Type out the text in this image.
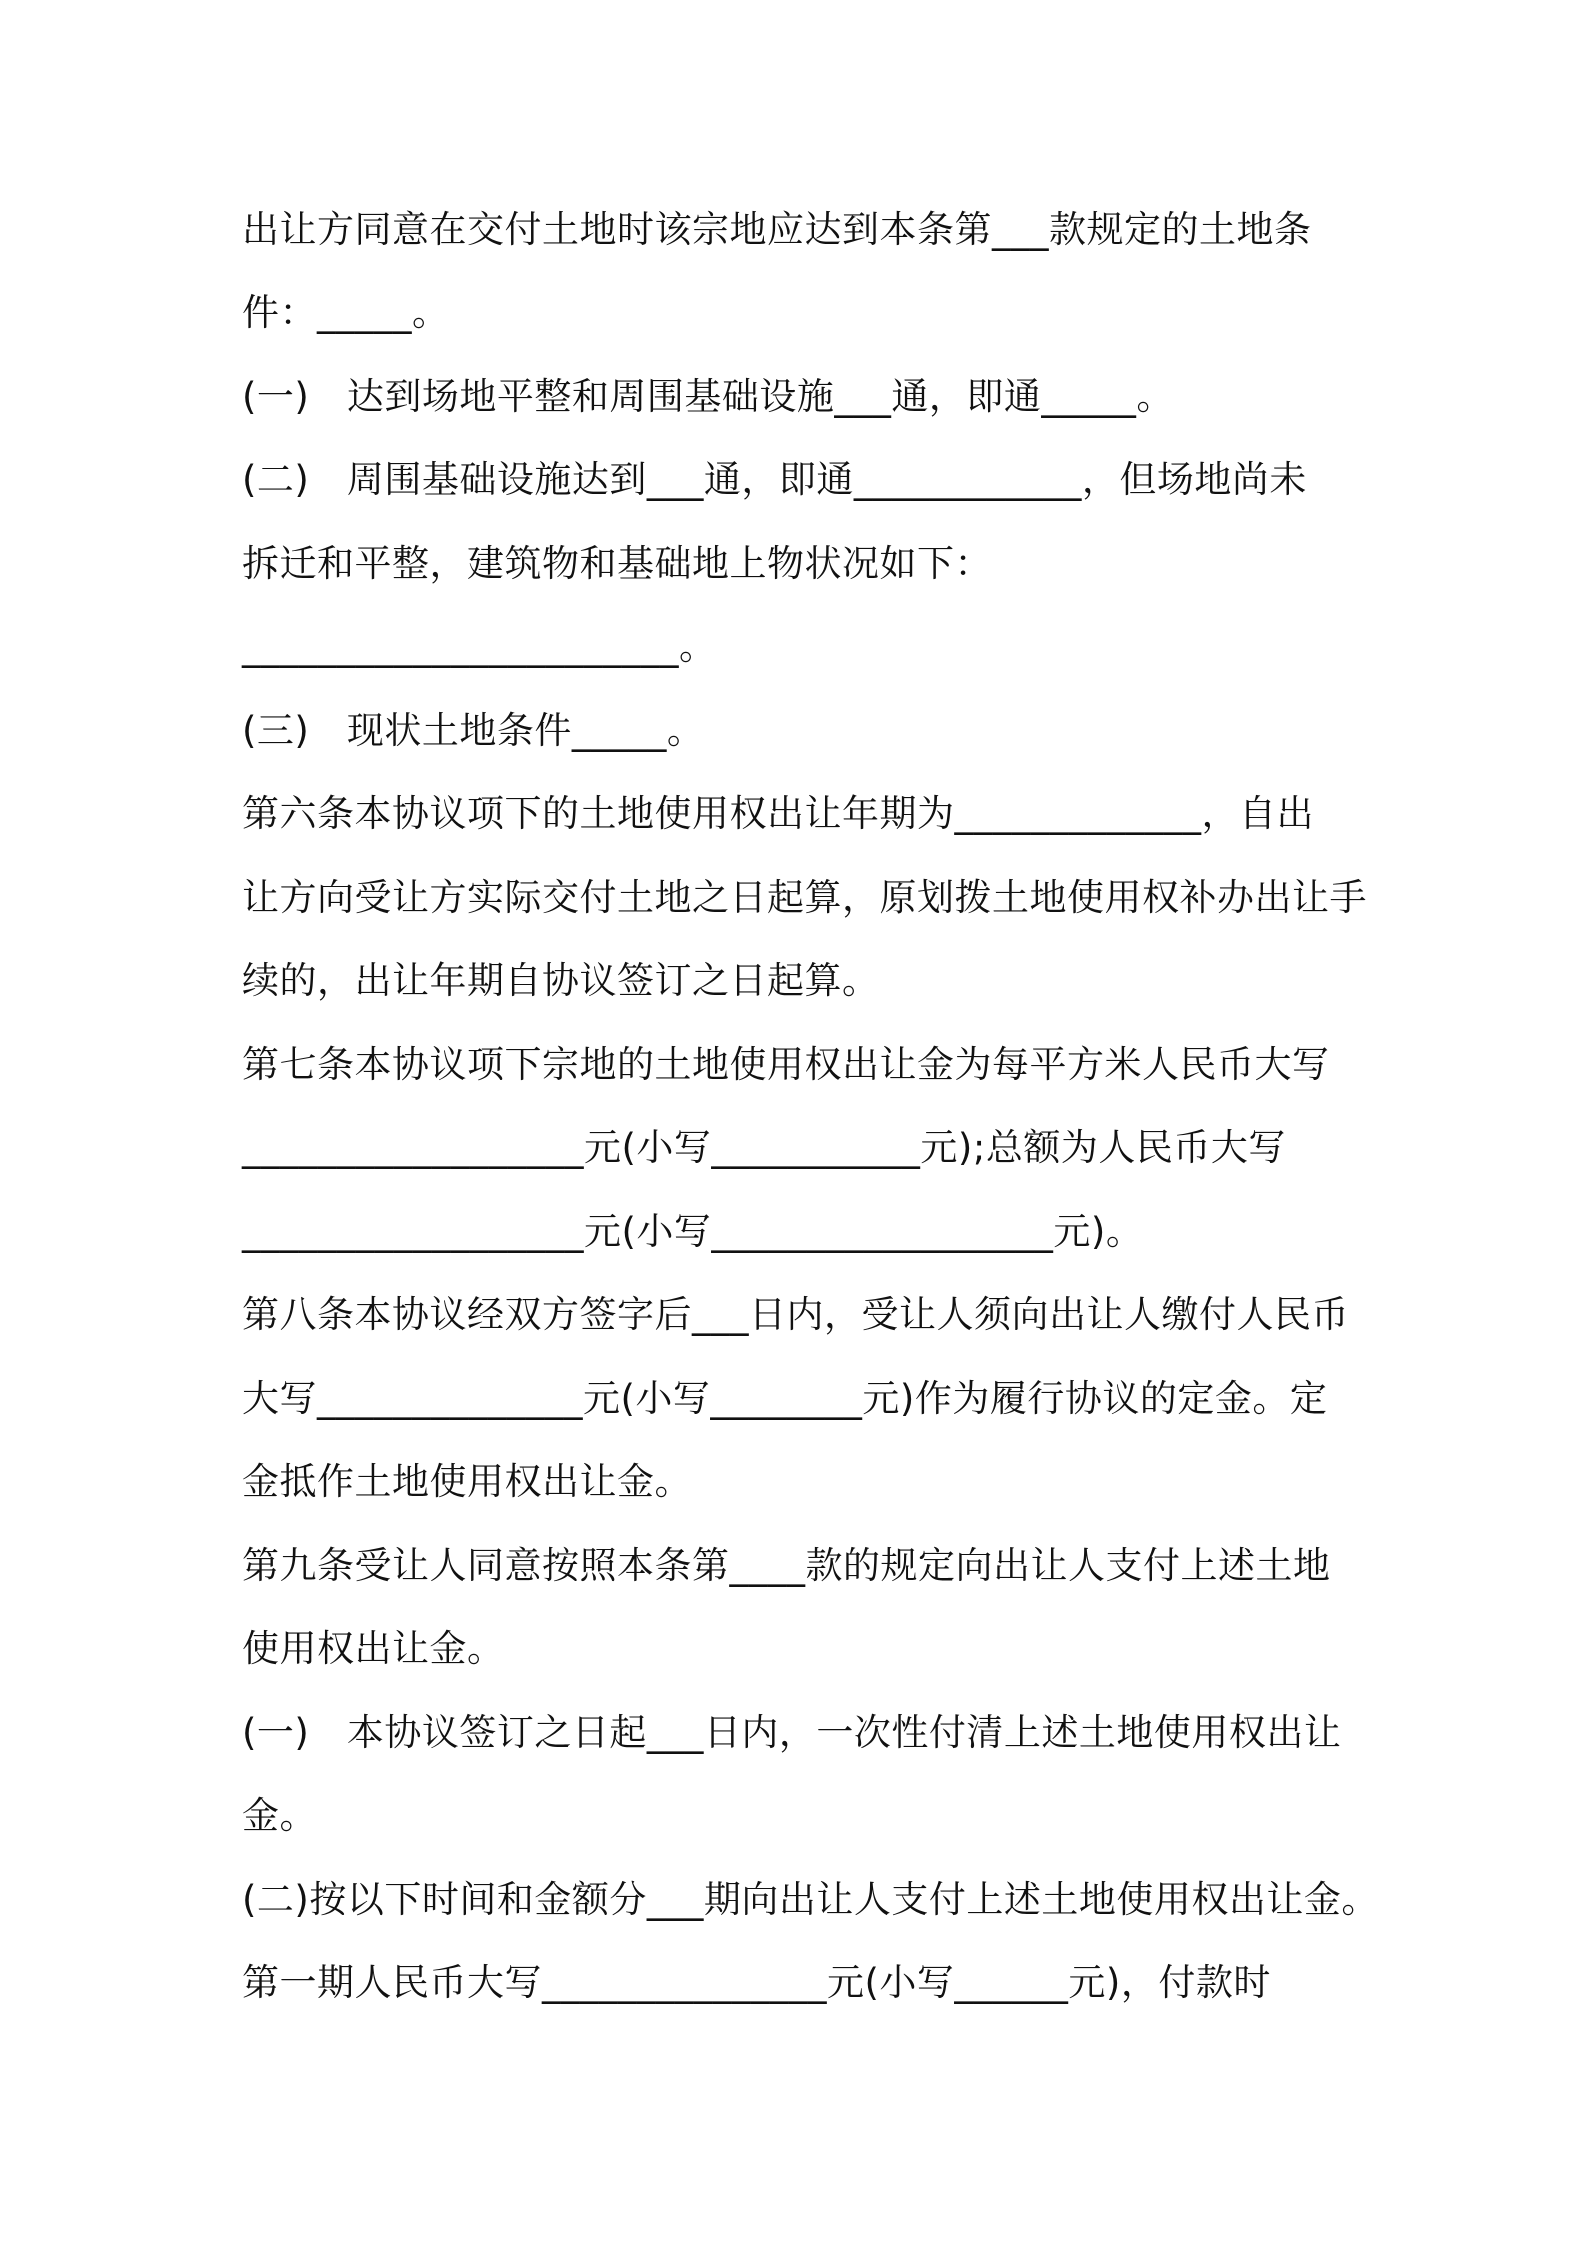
出让方同意在交付土地时该宗地应达到本条第___款规定的土地条
件：_____。
(一)　达到场地平整和周围基础设施___通，即通_____。
(二)　周围基础设施达到___通，即通____________，但场地尚未
拆迁和平整，建筑物和基础地上物状况如下：
_______________________。
(三)　现状土地条件_____。
第六条本协议项下的土地使用权出让年期为_____________，自出
让方向受让方实际交付土地之日起算，原划拨土地使用权补办出让手
续的，出让年期自协议签订之日起算。
第七条本协议项下宗地的土地使用权出让金为每平方米人民币大写
__________________元(小写___________元);总额为人民币大写
__________________元(小写__________________元)。
第八条本协议经双方签字后___日内，受让人须向出让人缴付人民币
大写______________元(小写________元)作为履行协议的定金。定
金抵作土地使用权出让金。
第九条受让人同意按照本条第____款的规定向出让人支付上述土地
使用权出让金。
(一)　本协议签订之日起___日内，一次性付清上述土地使用权出让
金。
(二)按以下时间和金额分___期向出让人支付上述土地使用权出让金。
第一期人民币大写_______________元(小写______元)，付款时
